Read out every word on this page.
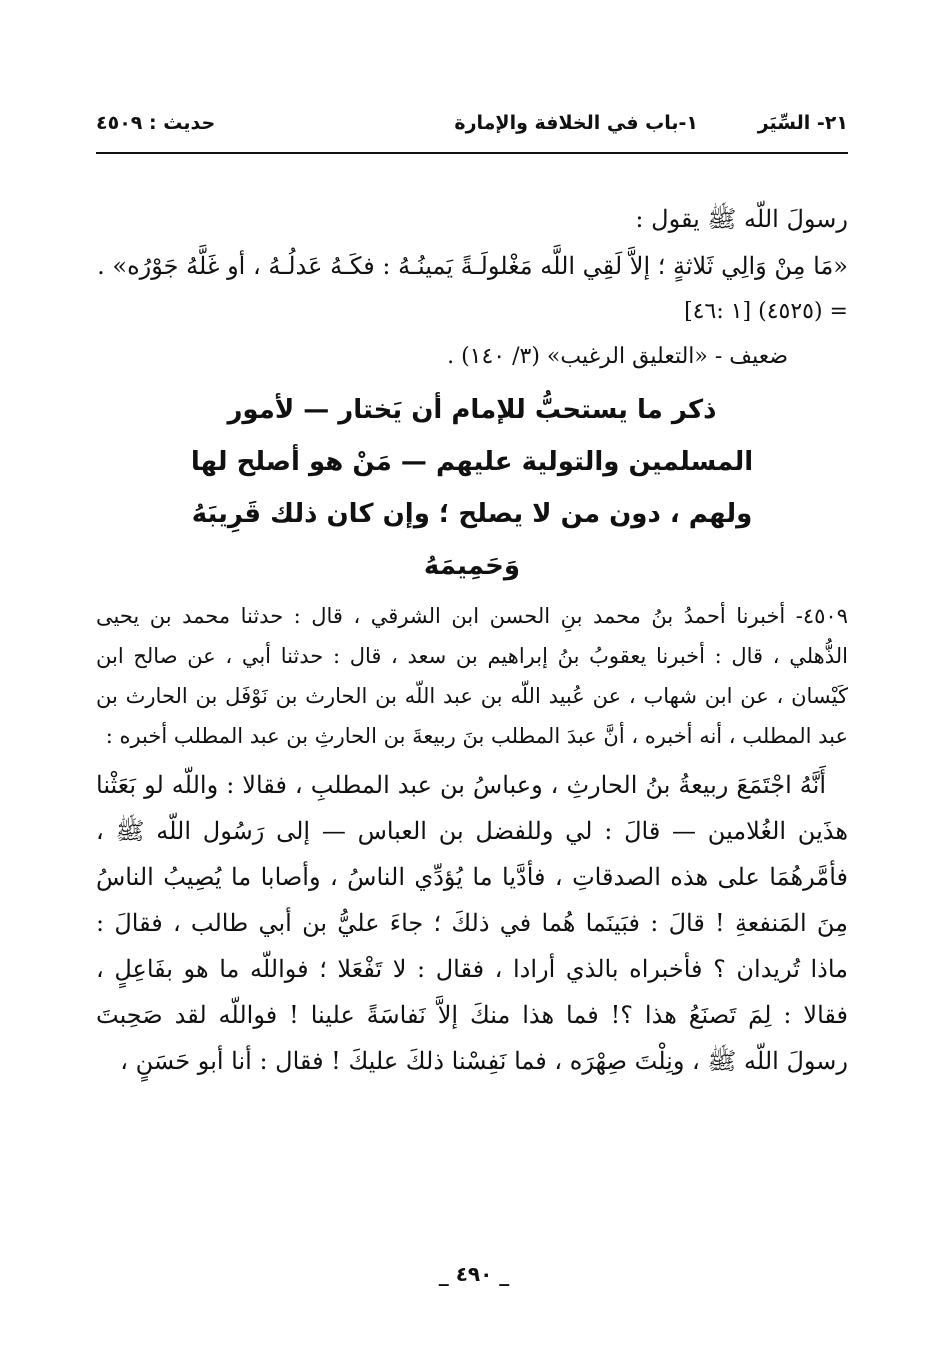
٢١- السِّيَر
١-باب في الخلافة والإمارة
حديث : ٤٥٠٩

رسولَ اللّه ﷺ يقول :

«مَا مِنْ وَالِي ثَلاثةٍ ؛ إلاَّ لَقِي اللَّه مَغْلولَـةً يَمينُـهُ : فكَـهُ عَدلُـهُ ، أو غَلَّهُ جَوْرُه» .

= (٤٥٢٥) [١ :٤٦]

ضعيف - «التعليق الرغيب» (٣/ ١٤٠) .

ذكر ما يستحبُّ للإمام أن يَختار — لأمور المسلمين والتولية عليهم — مَنْ هو أصلح لها ولهم ، دون من لا يصلح ؛ وإن كان ذلك قَرِيبَهُ وَحَمِيمَهُ

٤٥٠٩- أخبرنا أحمدُ بنُ محمد بنِ الحسن ابن الشرقي ، قال : حدثنا محمد بن يحيى الذُّهلي ، قال : أخبرنا يعقوبُ بنُ إبراهيم بن سعد ، قال : حدثنا أبي ، عن صالح ابن كَيْسان ، عن ابن شهاب ، عن عُبيد اللّه بن عبد اللّه بن الحارث بن نَوْفَل بن الحارث بن عبد المطلب ، أنه أخبره ، أنَّ عبدَ المطلب بنَ ربيعةَ بن الحارثِ بن عبد المطلب أخبره :

أَنَّهُ اجْتَمَعَ ربيعةُ بنُ الحارثِ ، وعباسُ بن عبد المطلبِ ، فقالا : واللّه لو بَعَثْنا هذَين الغُلامين — قالَ : لي وللفضل بن العباس — إلى رَسُول اللّه ﷺ ، فأمَّرهُمَا على هذه الصدقاتِ ، فأدَّيا ما يُؤدِّي الناسُ ، وأصابا ما يُصِيبُ الناسُ مِنَ المَنفعةِ ! قالَ : فبَينَما هُما في ذلكَ ؛ جاءَ عليُّ بن أبي طالب ، فقالَ : ماذا تُريدان ؟ فأخبراه بالذي أرادا ، فقال : لا تَفْعَلا ؛ فواللّه ما هو بفَاعِلٍ ، فقالا : لِمَ تَصنَعُ هذا ؟! فما هذا منكَ إلاَّ نَفاسَةً علينا ! فواللّه لقد صَحِبتَ رسولَ اللّه ﷺ ، ونِلْتَ صِهْرَه ، فما نَفِسْنا ذلكَ عليكَ ! فقال : أنا أبو حَسَنٍ ،

_ ٤٩٠ _
